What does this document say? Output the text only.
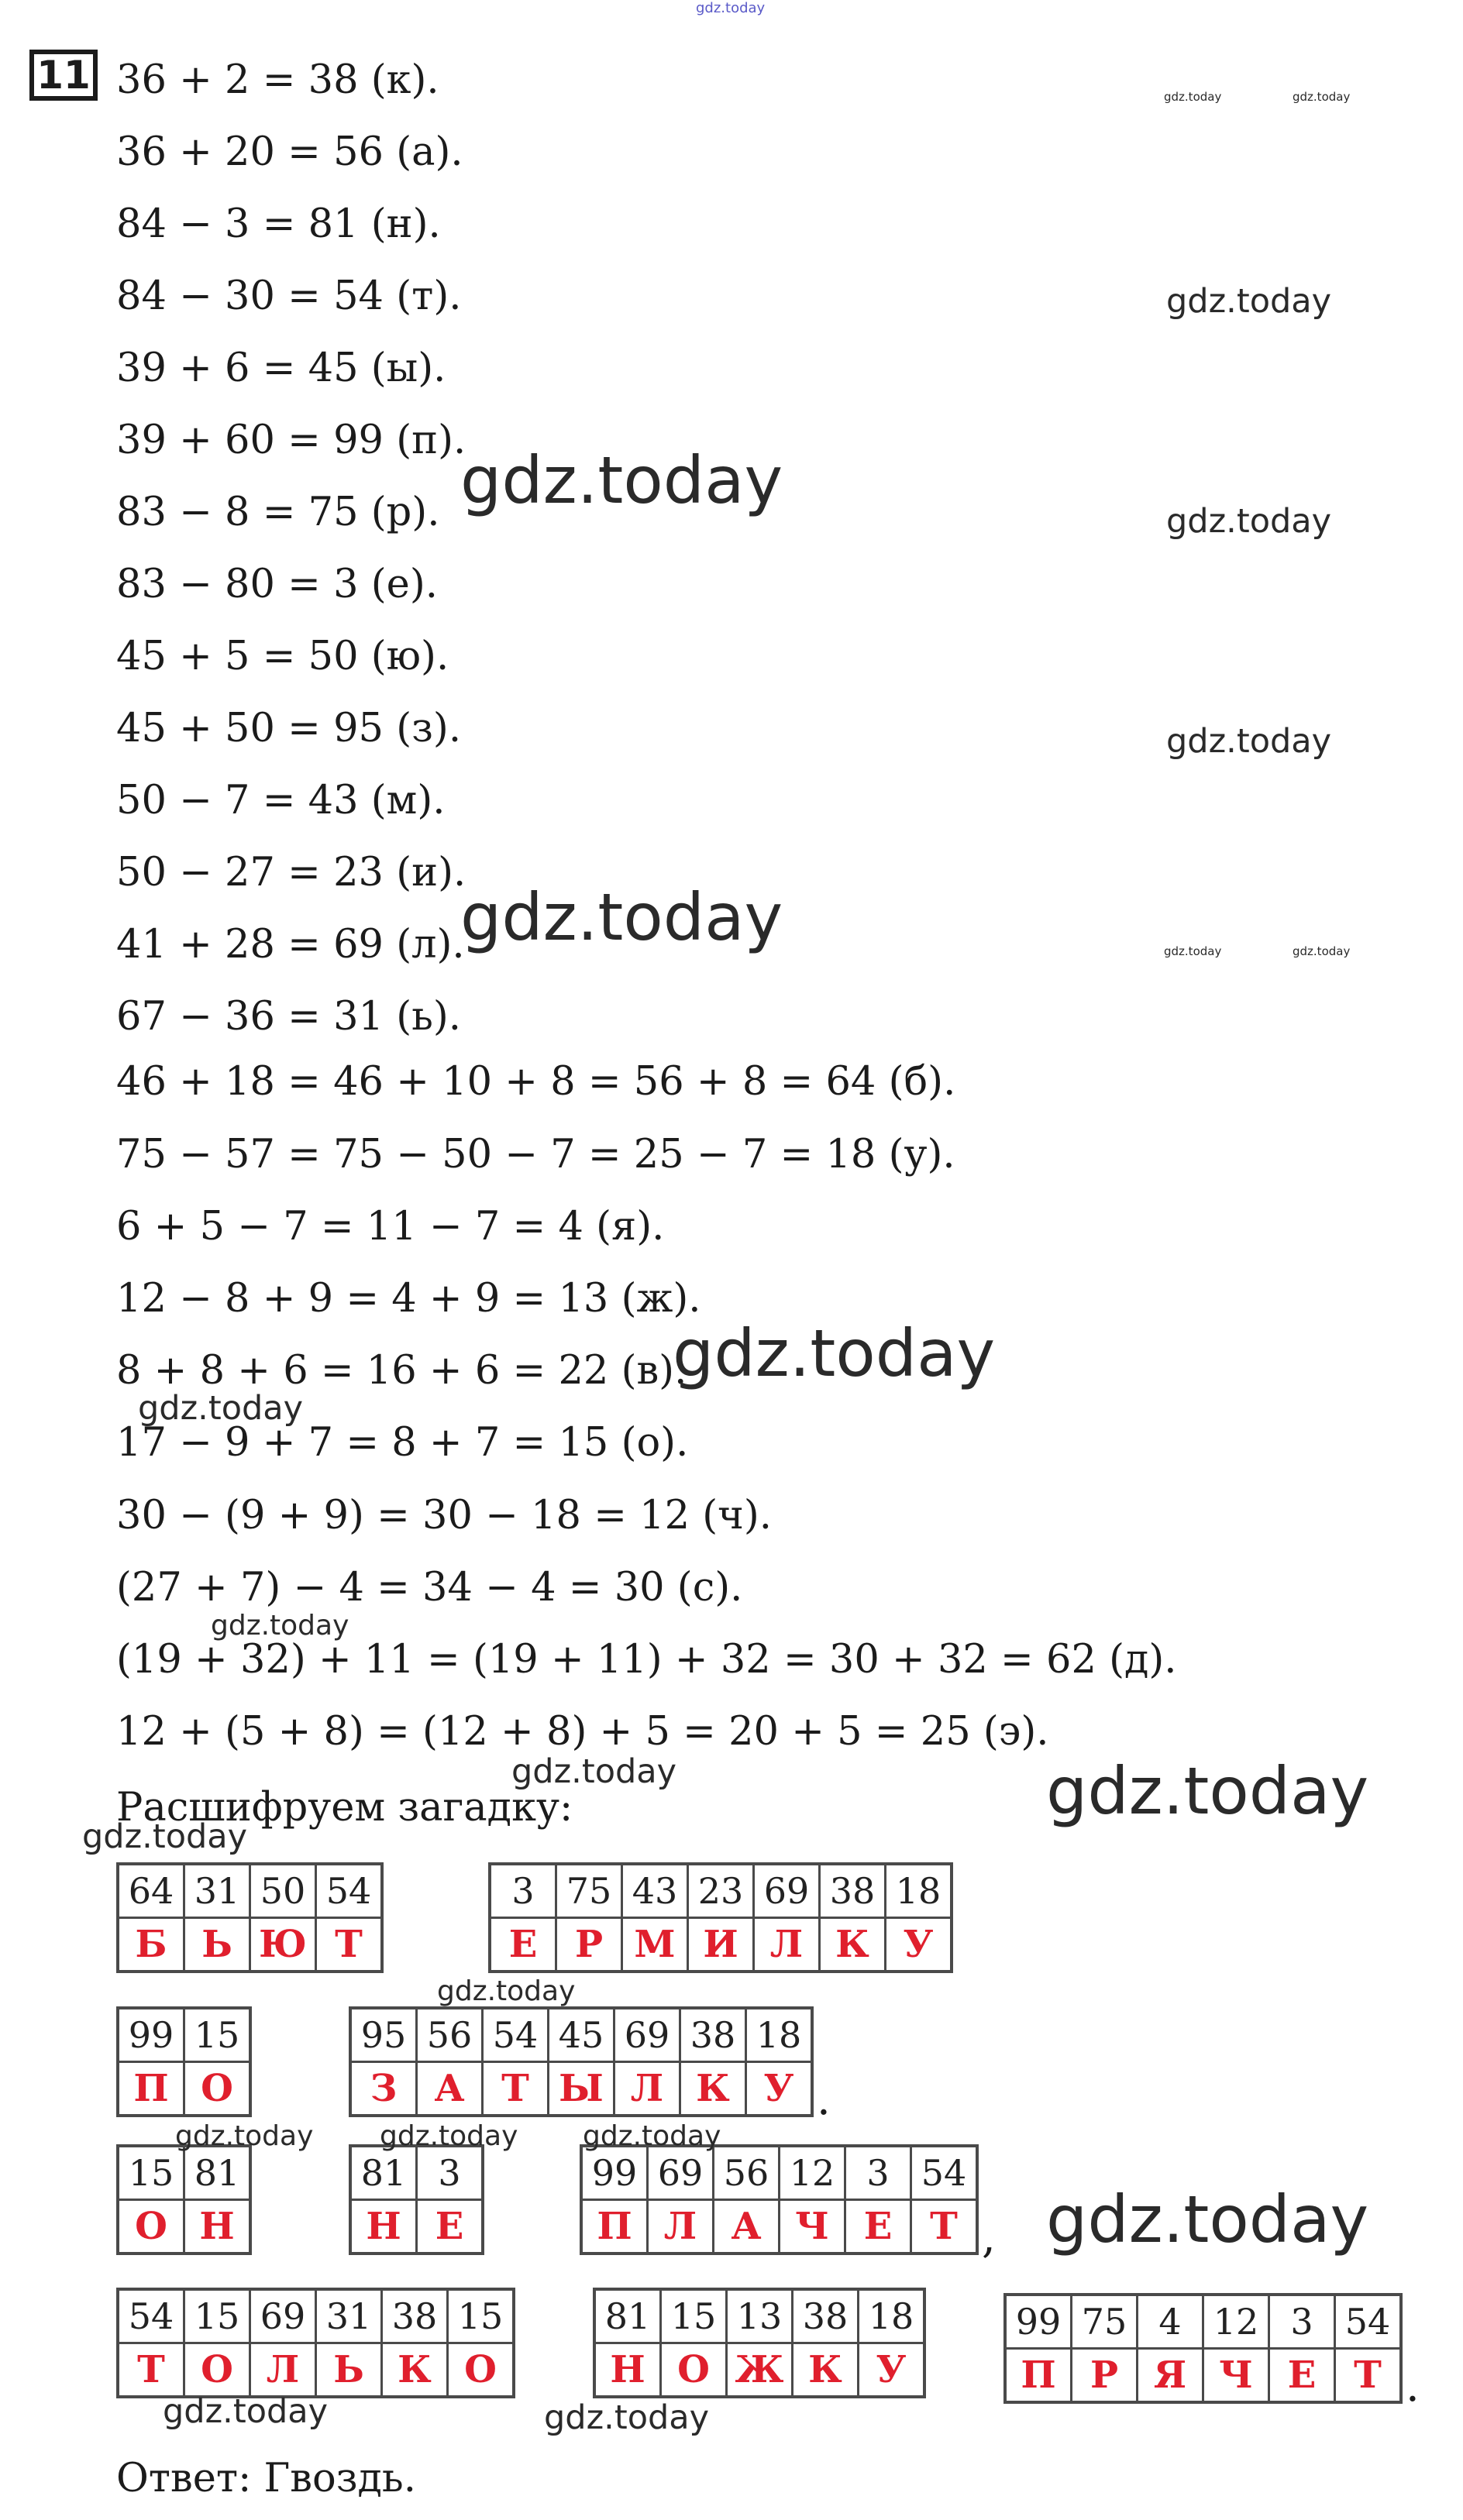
11 36 + 2 = 38 (к).
36 + 20 = 56 (а).
84 − 3 = 81 (н).
84 − 30 = 54 (т).
39 + 6 = 45 (ы).
39 + 60 = 99 (п).
83 − 8 = 75 (р).
83 − 80 = 3 (е).
45 + 5 = 50 (ю).
45 + 50 = 95 (з).
50 − 7 = 43 (м).
50 − 27 = 23 (и).
41 + 28 = 69 (л).
67 − 36 = 31 (ь).
46 + 18 = 46 + 10 + 8 = 56 + 8 = 64 (б).
75 − 57 = 75 − 50 − 7 = 25 − 7 = 18 (у).
6 + 5 − 7 = 11 − 7 = 4 (я).
12 − 8 + 9 = 4 + 9 = 13 (ж).
8 + 8 + 6 = 16 + 6 = 22 (в).
17 − 9 + 7 = 8 + 7 = 15 (о).
30 − (9 + 9) = 30 − 18 = 12 (ч).
(27 + 7) − 4 = 34 − 4 = 30 (с).
(19 + 32) + 11 = (19 + 11) + 32 = 30 + 32 = 62 (д).
12 + (5 + 8) = (12 + 8) + 5 = 20 + 5 = 25 (э).
Расшифруем загадку:
64	31	50	54
Б	Ь	Ю	Т
3	75	43	23	69	38	18
Е	Р	М	И	Л	К	У
99	15
П	О
95	56	54	45	69	38	18
З	А	Т	Ы	Л	К	У .
15	81
О	Н
81	3
Н	Е
99	69	56	12	3	54
П	Л	А	Ч	Е	Т ,
54	15	69	31	38	15
Т	О	Л	Ь	К	О
81	15	13	38	18
Н	О	Ж	К	У
99	75	4	12	3	54
П	Р	Я	Ч	Е	Т .
Ответ: Гвоздь.
gdz.today
gdz.today	gdz.today
gdz.today
gdz.today
gdz.today
gdz.today
gdz.today	gdz.today	gdz.today
gdz.today
gdz.today
gdz.today
gdz.today	gdz.today
gdz.today
gdz.today
gdz.today gdz.today gdz.today
gdz.today
gdz.today	gdz.today
